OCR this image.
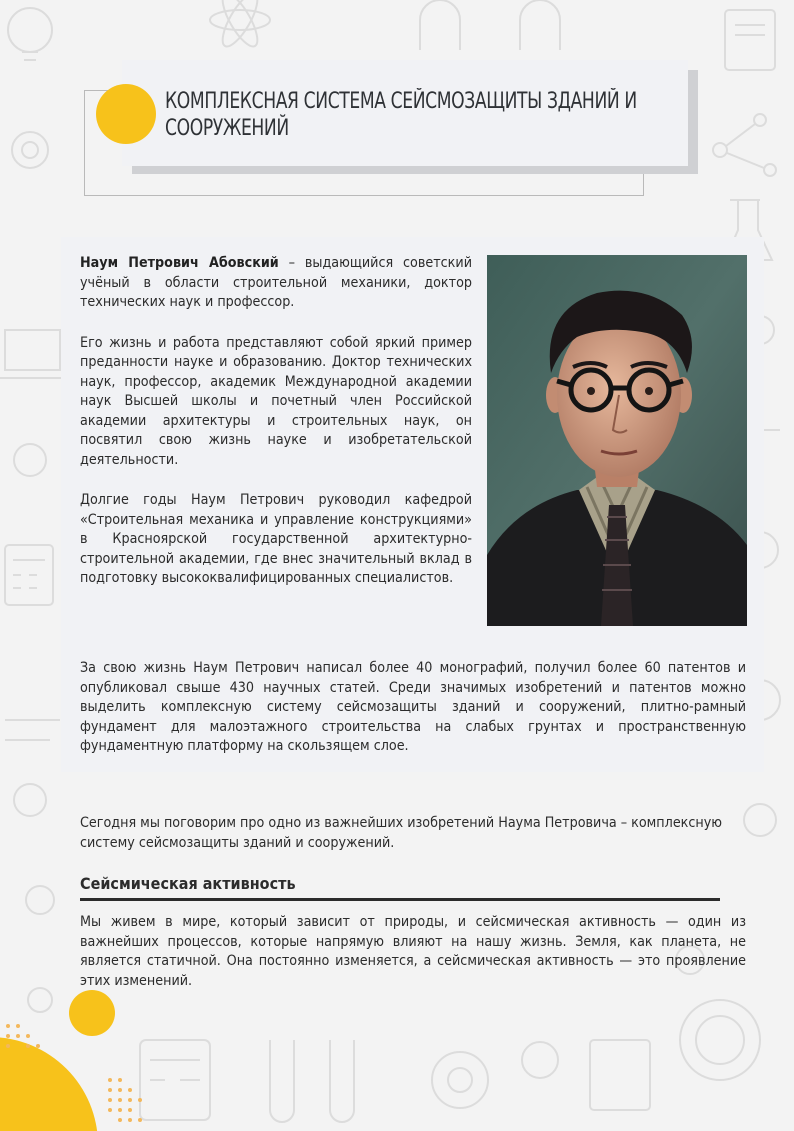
КОМПЛЕКСНАЯ СИСТЕМА СЕЙСМОЗАЩИТЫ ЗДАНИЙ И
СООРУЖЕНИЙ

Наум Петрович Абовский – выдающийся советский учёный в области строительной механики, доктор технических наук и профессор.

Его жизнь и работа представляют собой яркий пример преданности науке и образованию. Доктор технических наук, профессор, академик Международной академии наук Высшей школы и почетный член Российской академии архитектуры и строительных наук, он посвятил свою жизнь науке и изобретательской деятельности.

Долгие годы Наум Петрович руководил кафедрой «Строительная механика и управление конструкциями» в Красноярской государственной архитектурно-строительной академии, где внес значительный вклад в подготовку высококвалифицированных специалистов.

За свою жизнь Наум Петрович написал более 40 монографий, получил более 60 патентов и опубликовал свыше 430 научных статей. Среди значимых изобретений и патентов можно выделить комплексную систему сейсмозащиты зданий и сооружений, плитно-рамный фундамент для малоэтажного строительства на слабых грунтах и пространственную фундаментную платформу на скользящем слое.
Сегодня мы поговорим про одно из важнейших изобретений Наума Петровича – комплексную систему сейсмозащиты зданий и сооружений.
Сейсмическая активность
Мы живем в мире, который зависит от природы, и сейсмическая активность — один из важнейших процессов, которые напрямую влияют на нашу жизнь. Земля, как планета, не является статичной. Она постоянно изменяется, а сейсмическая активность — это проявление этих изменений.
